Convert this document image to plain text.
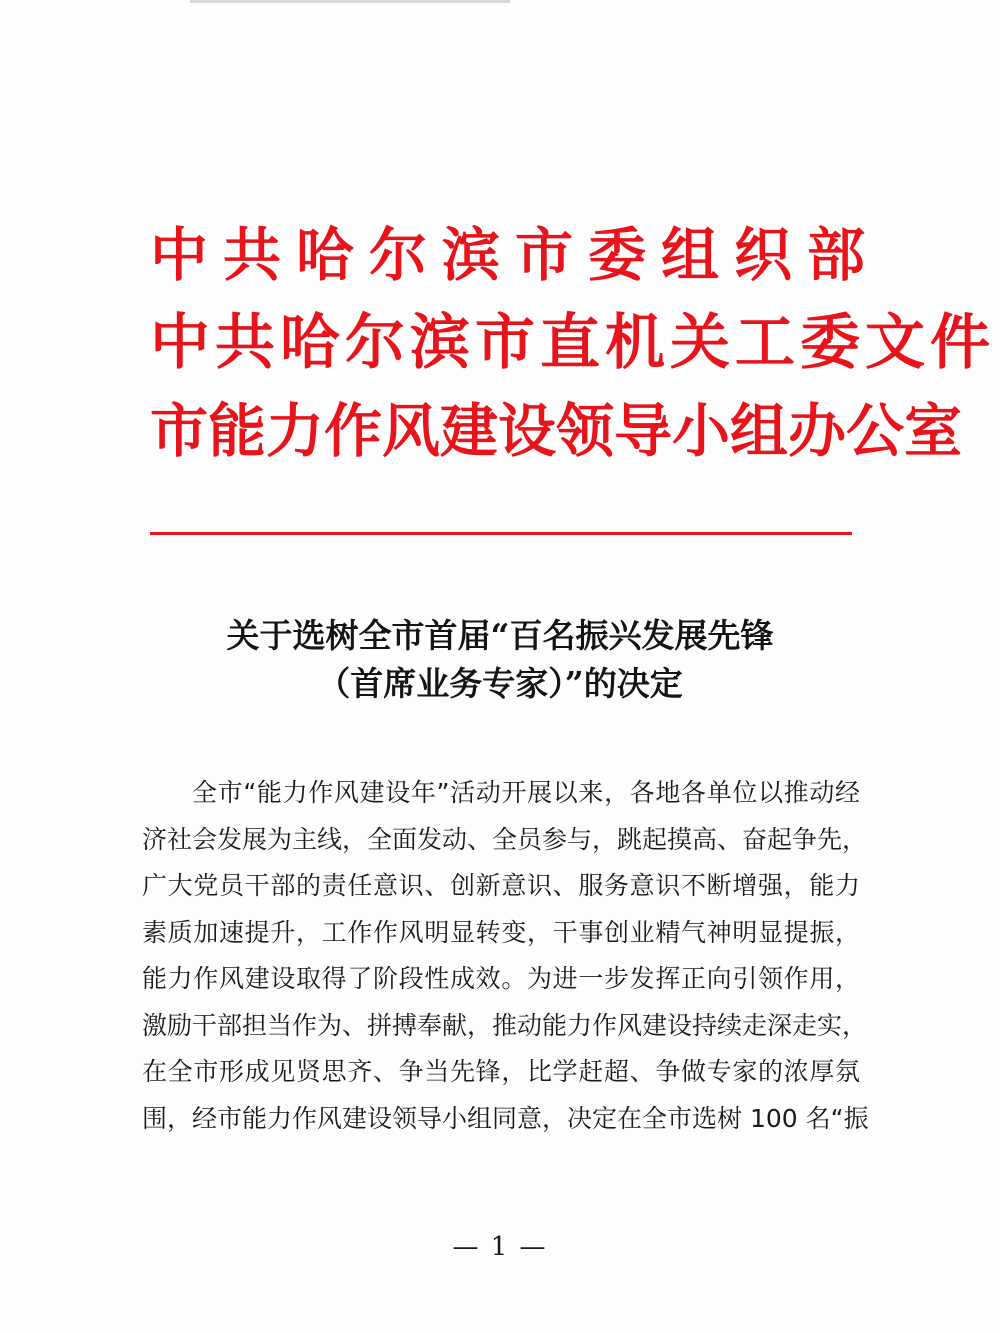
中共哈尔滨市委组织部
中共哈尔滨市直机关工委文件
市能力作风建设领导小组办公室
关于选树全市首届“百名振兴发展先锋
（首席业务专家）”的决定
全市“能力作风建设年”活动开展以来，各地各单位以推动经
济社会发展为主线，全面发动、全员参与，跳起摸高、奋起争先，
广大党员干部的责任意识、创新意识、服务意识不断增强，能力
素质加速提升，工作作风明显转变，干事创业精气神明显提振，
能力作风建设取得了阶段性成效。为进一步发挥正向引领作用，
激励干部担当作为、拼搏奉献，推动能力作风建设持续走深走实，
在全市形成见贤思齐、争当先锋，比学赶超、争做专家的浓厚氛
围，经市能力作风建设领导小组同意，决定在全市选树 100 名“振
— 1 —
